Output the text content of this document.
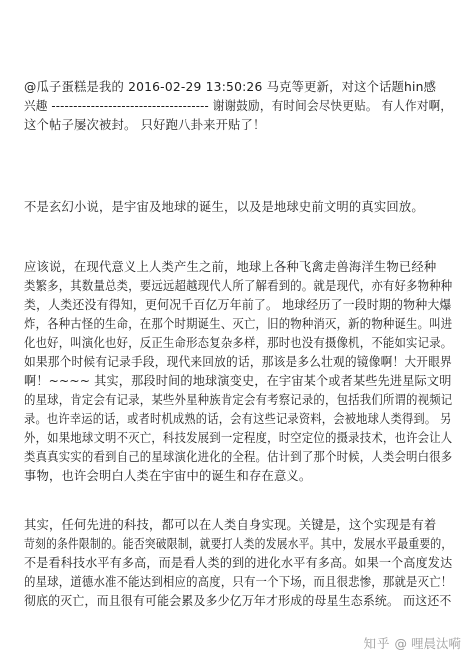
@瓜子蛋糕是我的 2016-02-29 13:50:26 马克等更新，对这个话题hin感
兴趣 ------------------------------------ 谢谢鼓励，有时间会尽快更贴。 有人作对啊，
这个帖子屡次被封。 只好跑八卦来开贴了！
不是玄幻小说，是宇宙及地球的诞生，以及是地球史前文明的真实回放。
应该说，在现代意义上人类产生之前，地球上各种飞禽走兽海洋生物已经种
类繁多，其数量总类，要远远超越现代人所了解看到的。就是现代，亦有好多物种种
类，人类还没有得知，更何况千百亿万年前了。 地球经历了一段时期的物种大爆
炸，各种古怪的生命，在那个时期诞生、灭亡，旧的物种消灭，新的物种诞生。叫进
化也好，叫演化也好，反正生命形态复杂多样，那时也没有摄像机，不能如实记录。
如果那个时候有记录手段，现代来回放的话，那该是多么壮观的镜像啊！大开眼界
啊！~~~~ 其实，那段时间的地球演变史，在宇宙某个或者某些先进星际文明
的星球，肯定会有记录，某些外星种族肯定会有考察记录的，包括我们所谓的视频记
录。也许幸运的话，或者时机成熟的话，会有这些记录资料，会被地球人类得到。 另
外，如果地球文明不灭亡，科技发展到一定程度，时空定位的摄录技术，也许会让人
类真真实实的看到自己的星球演化进化的全程。估计到了那个时候，人类会明白很多
事物，也许会明白人类在宇宙中的诞生和存在意义。
其实，任何先进的科技，都可以在人类自身实现。关键是，这个实现是有着
苛刻的条件限制的。能否突破限制，就要打人类的发展水平。其中，发展水平最重要的，
不是看科技水平有多高，而是看人类的到的进化水平有多高。如果一个高度发达
的星球，道德水准不能达到相应的高度，只有一个下场，而且很悲惨，那就是灭亡！
彻底的灭亡，而且很有可能会累及多少亿万年才形成的母星生态系统。 而这还不
知乎 @ 哩晨汰嗬
